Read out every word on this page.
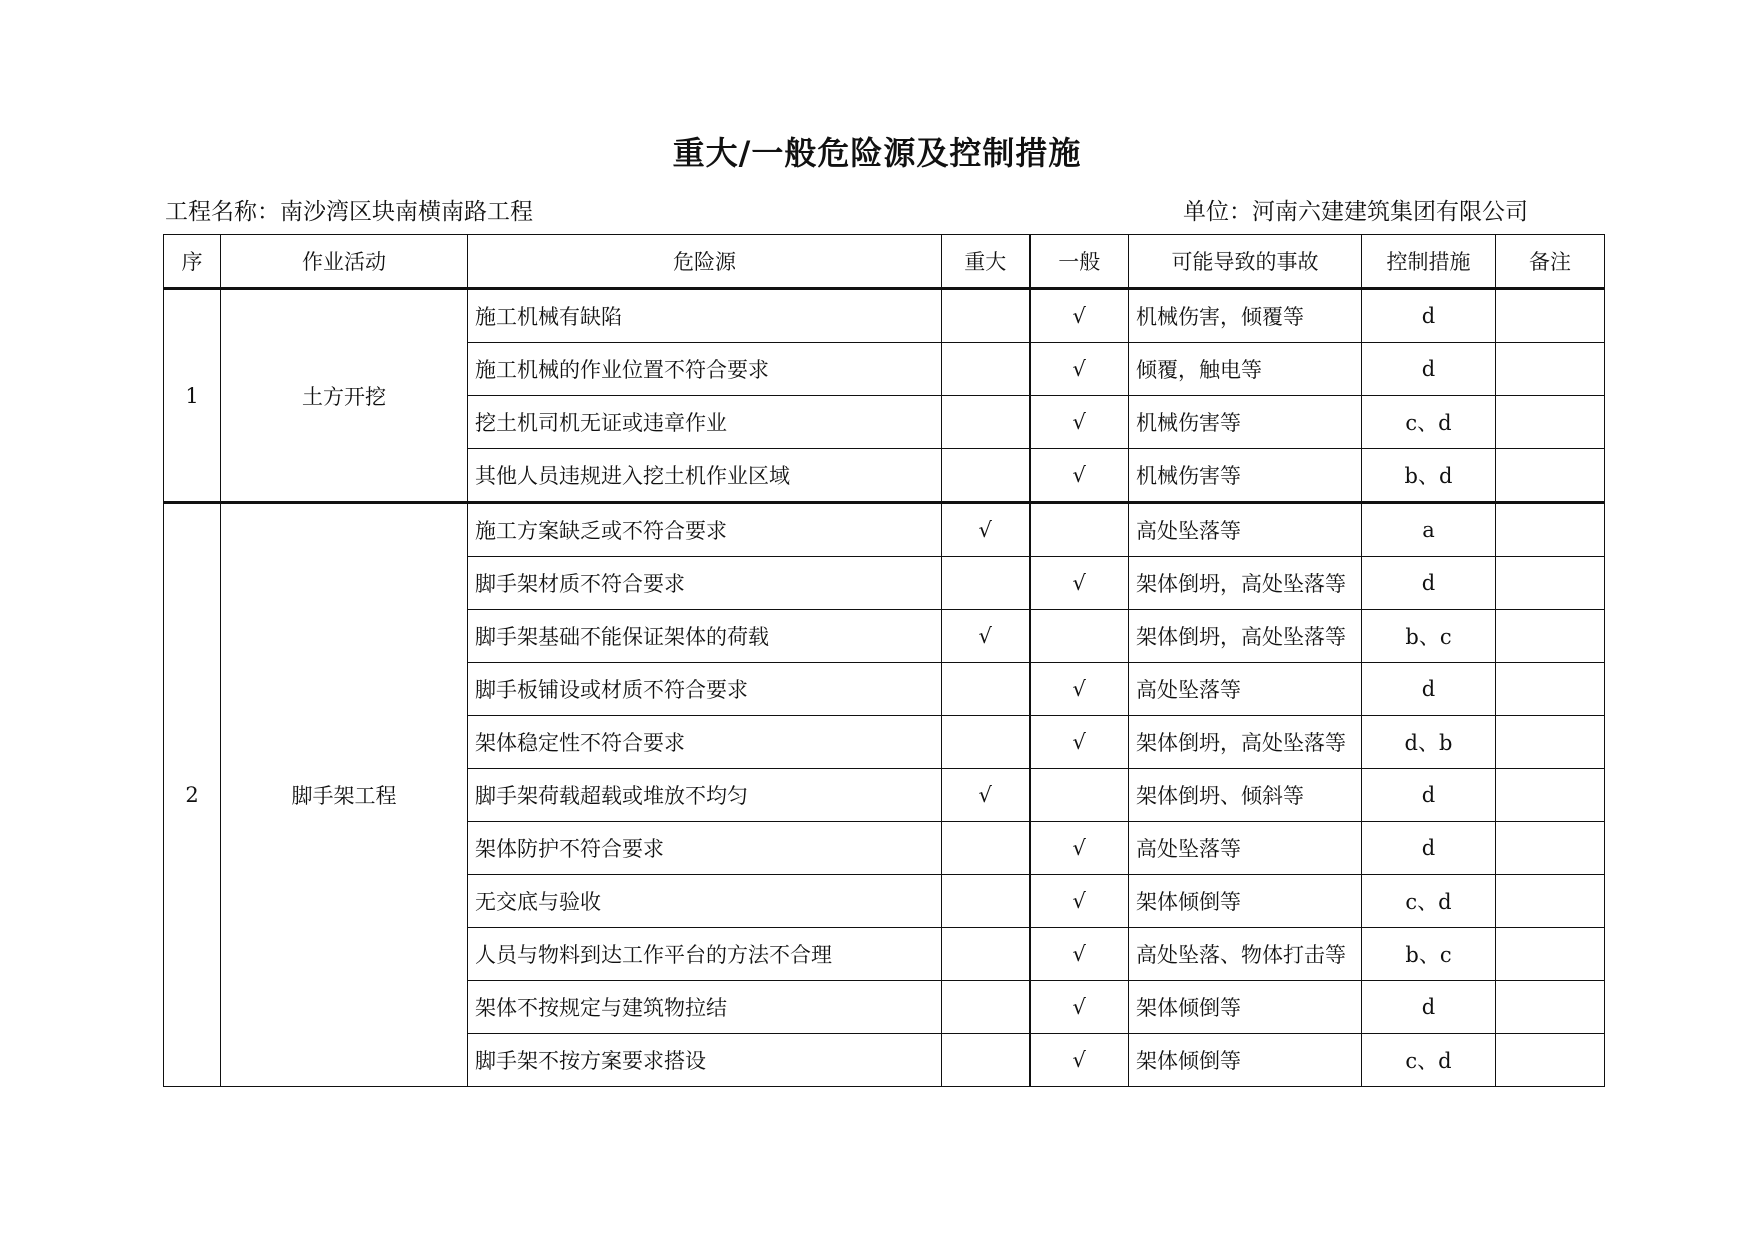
重大/一般危险源及控制措施
工程名称：南沙湾区块南横南路工程	单位：河南六建建筑集团有限公司
序	作业活动	危险源	重大	一般	可能导致的事故	控制措施	备注
1	土方开挖	施工机械有缺陷		√	机械伤害，倾覆等	d	
		施工机械的作业位置不符合要求		√	倾覆，触电等	d	
		挖土机司机无证或违章作业		√	机械伤害等	c、d	
		其他人员违规进入挖土机作业区域		√	机械伤害等	b、d	
2	脚手架工程	施工方案缺乏或不符合要求	√		高处坠落等	a	
		脚手架材质不符合要求		√	架体倒坍，高处坠落等	d	
		脚手架基础不能保证架体的荷载	√		架体倒坍，高处坠落等	b、c	
		脚手板铺设或材质不符合要求		√	高处坠落等	d	
		架体稳定性不符合要求		√	架体倒坍，高处坠落等	d、b	
		脚手架荷载超载或堆放不均匀	√		架体倒坍、倾斜等	d	
		架体防护不符合要求		√	高处坠落等	d	
		无交底与验收		√	架体倾倒等	c、d	
		人员与物料到达工作平台的方法不合理		√	高处坠落、物体打击等	b、c	
		架体不按规定与建筑物拉结		√	架体倾倒等	d	
		脚手架不按方案要求搭设		√	架体倾倒等	c、d	
